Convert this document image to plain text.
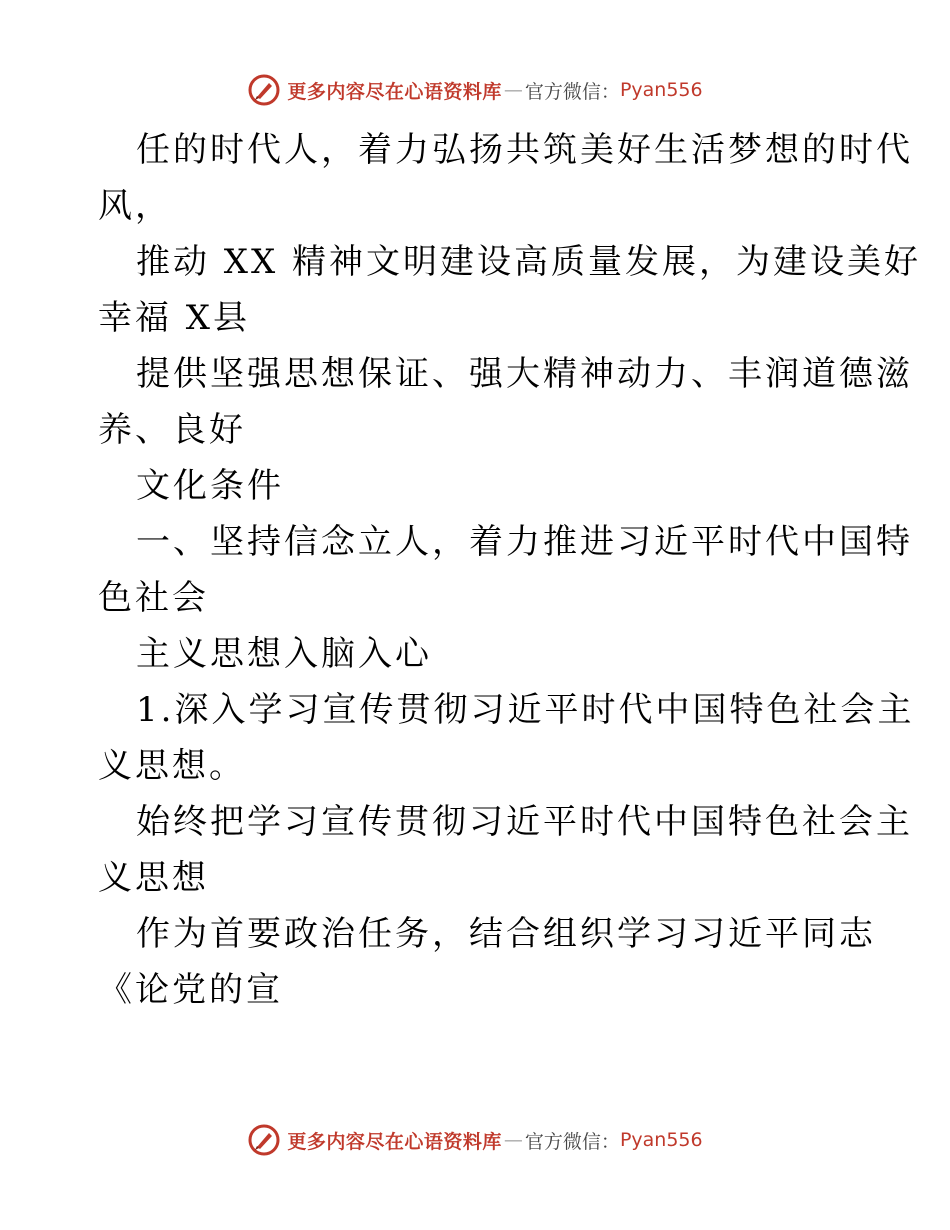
更多内容尽在心语资料库 — 官方微信： Pyan556
任的时代人，着力弘扬共筑美好生活梦想的时代
风，
推动 XX 精神文明建设高质量发展，为建设美好
幸福 X县
提供坚强思想保证、强大精神动力、丰润道德滋
养、良好
文化条件
一、坚持信念立人，着力推进习近平时代中国特
色社会
主义思想入脑入心
1.深入学习宣传贯彻习近平时代中国特色社会主
义思想。
始终把学习宣传贯彻习近平时代中国特色社会主
义思想
作为首要政治任务，结合组织学习习近平同志
《论党的宣
更多内容尽在心语资料库 — 官方微信： Pyan556
